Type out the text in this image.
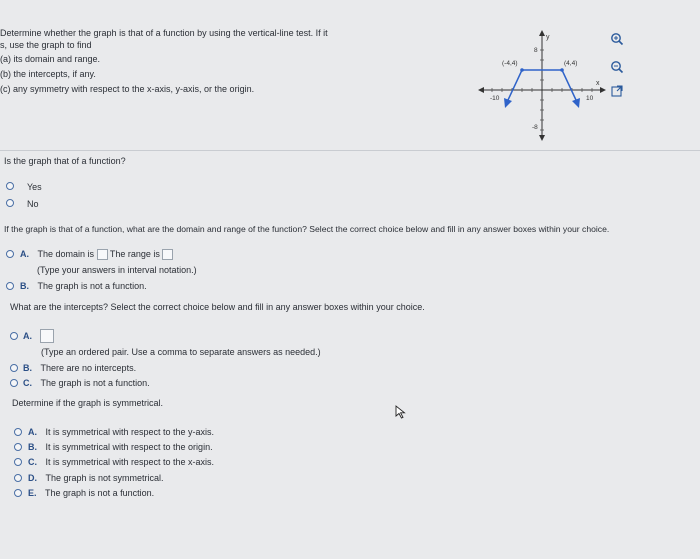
Determine whether the graph is that of a function by using the vertical-line test. If it
s, use the graph to find
(a) its domain and range.
(b) the intercepts, if any.
(c) any symmetry with respect to the x-axis, y-axis, or the origin.
y
x
8
-8
-10	10
(-4,4)	(4,4)
Is the graph that of a function?
Yes
No
If the graph is that of a function, what are the domain and range of the function? Select the correct choice below and fill in any answer boxes within your choice.
A. The domain is The range is
(Type your answers in interval notation.)
B. The graph is not a function.
What are the intercepts? Select the correct choice below and fill in any answer boxes within your choice.
A.
(Type an ordered pair. Use a comma to separate answers as needed.)
B. There are no intercepts.
C. The graph is not a function.
Determine if the graph is symmetrical.
A. It is symmetrical with respect to the y-axis.
B. It is symmetrical with respect to the origin.
C. It is symmetrical with respect to the x-axis.
D. The graph is not symmetrical.
E. The graph is not a function.
